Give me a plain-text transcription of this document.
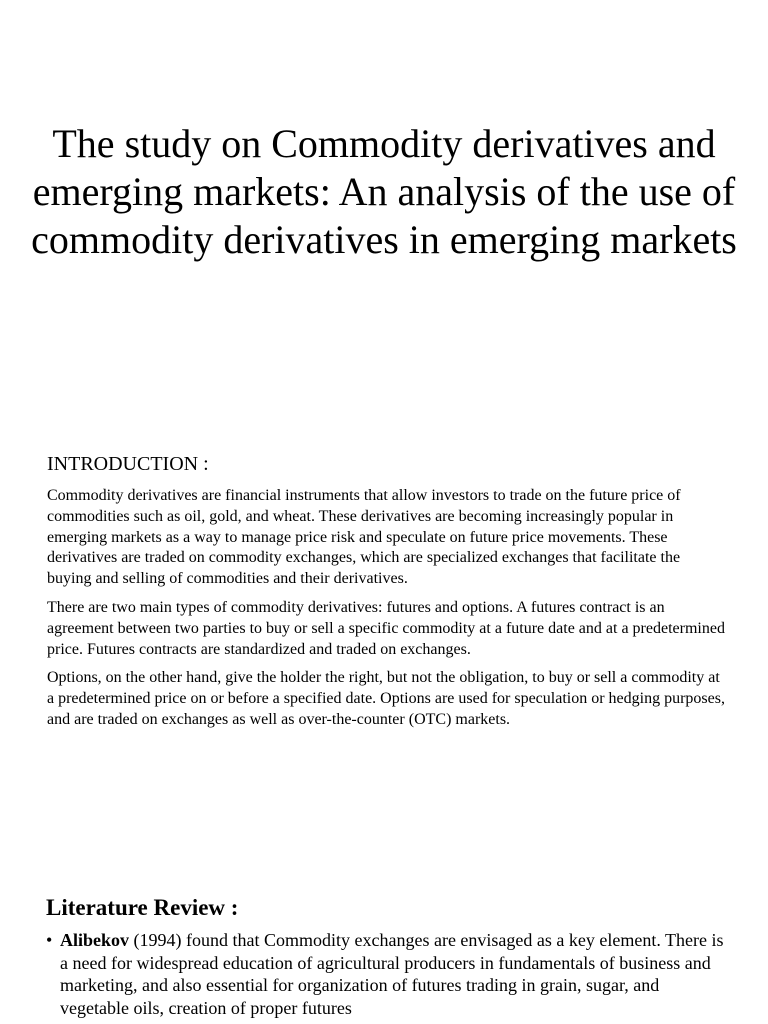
The study on Commodity derivatives and emerging markets: An analysis of the use of commodity derivatives in emerging markets
INTRODUCTION :

Commodity derivatives are financial instruments that allow investors to trade on the future price of commodities such as oil, gold, and wheat. These derivatives are becoming increasingly popular in emerging markets as a way to manage price risk and speculate on future price movements. These derivatives are traded on commodity exchanges, which are specialized exchanges that facilitate the buying and selling of commodities and their derivatives.

There are two main types of commodity derivatives: futures and options. A futures contract is an agreement between two parties to buy or sell a specific commodity at a future date and at a predetermined price. Futures contracts are standardized and traded on exchanges.

Options, on the other hand, give the holder the right, but not the obligation, to buy or sell a commodity at a predetermined price on or before a specified date. Options are used for speculation or hedging purposes, and are traded on exchanges as well as over-the-counter (OTC) markets.

Literature Review :
• Alibekov (1994) found that Commodity exchanges are envisaged as a key element. There is a need for widespread education of agricultural producers in fundamentals of business and marketing, and also essential for organization of futures trading in grain, sugar, and vegetable oils, creation of proper futures
